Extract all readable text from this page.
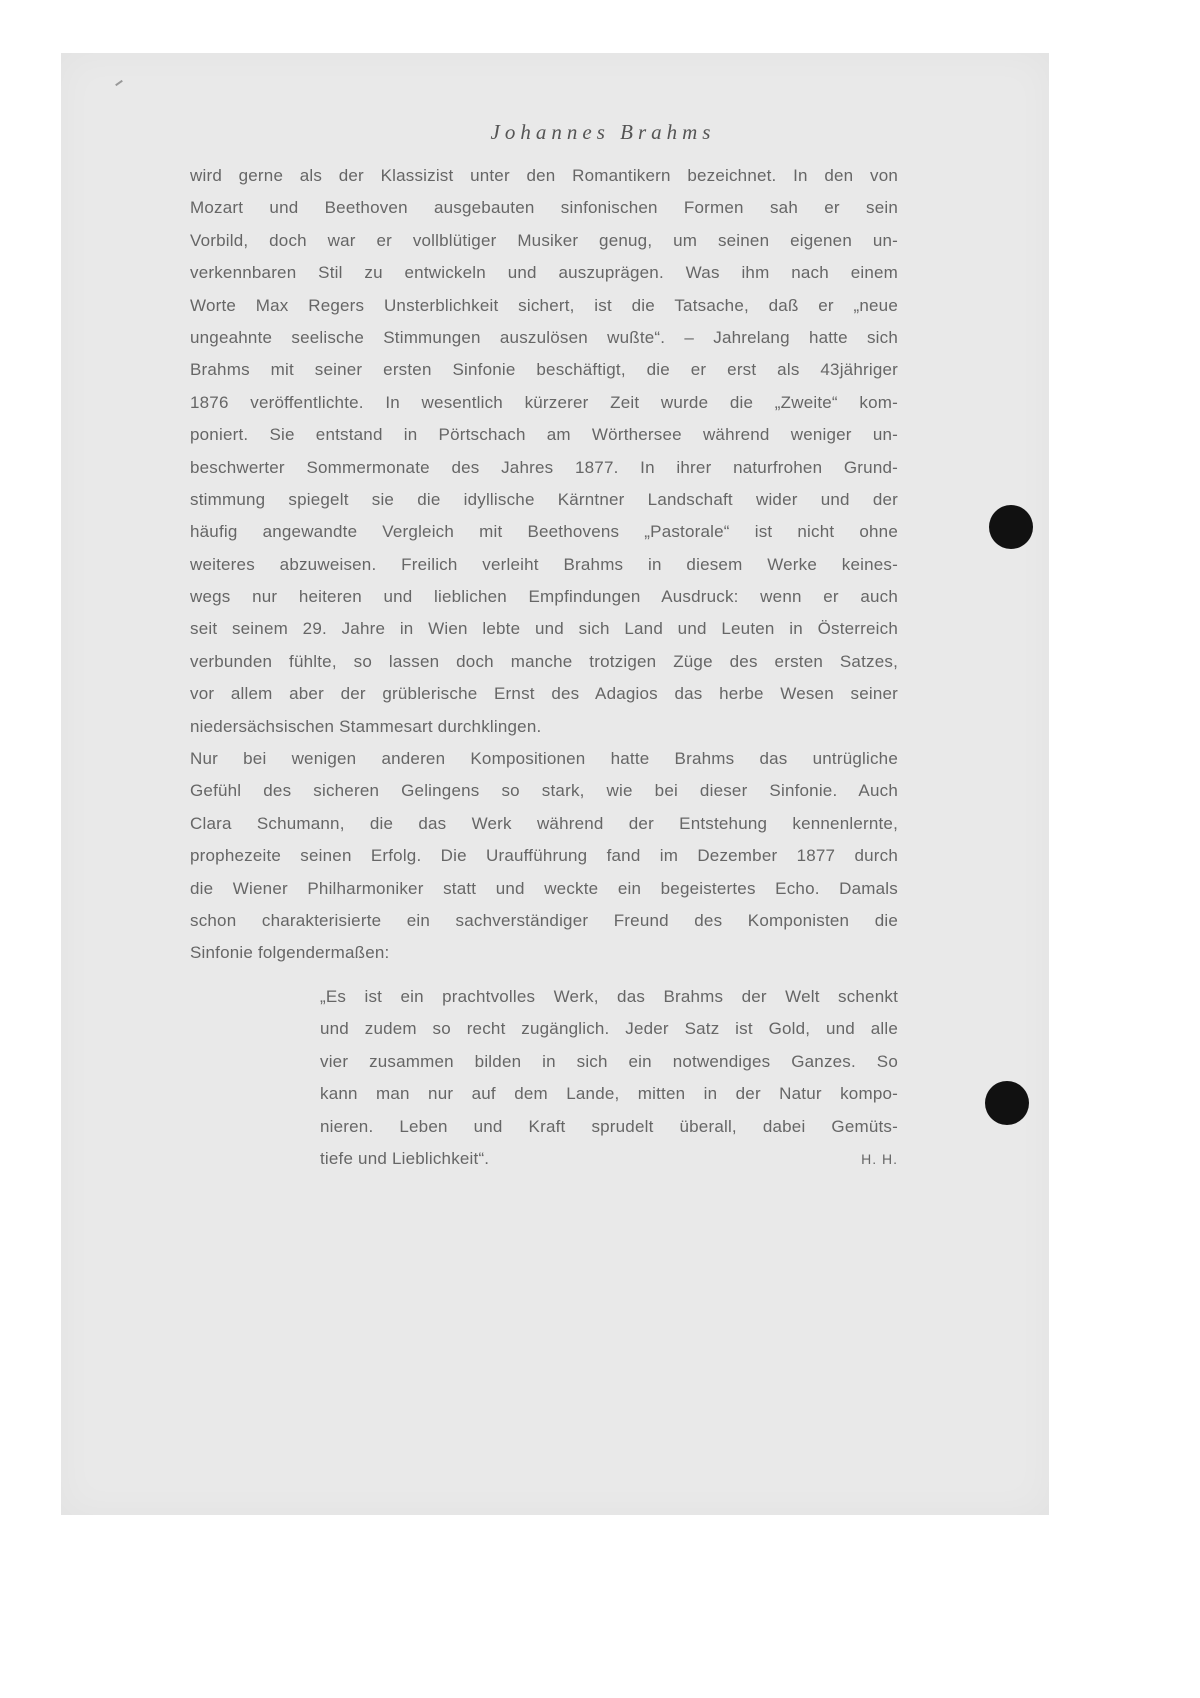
Johannes Brahms
wird gerne als der Klassizist unter den Romantikern bezeichnet. In den von
Mozart und Beethoven ausgebauten sinfonischen Formen sah er sein
Vorbild, doch war er vollblütiger Musiker genug, um seinen eigenen un-
verkennbaren Stil zu entwickeln und auszuprägen. Was ihm nach einem
Worte Max Regers Unsterblichkeit sichert, ist die Tatsache, daß er „neue
ungeahnte seelische Stimmungen auszulösen wußte“. – Jahrelang hatte sich
Brahms mit seiner ersten Sinfonie beschäftigt, die er erst als 43jähriger
1876 veröffentlichte. In wesentlich kürzerer Zeit wurde die „Zweite“ kom-
poniert. Sie entstand in Pörtschach am Wörthersee während weniger un-
beschwerter Sommermonate des Jahres 1877. In ihrer naturfrohen Grund-
stimmung spiegelt sie die idyllische Kärntner Landschaft wider und der
häufig angewandte Vergleich mit Beethovens „Pastorale“ ist nicht ohne
weiteres abzuweisen. Freilich verleiht Brahms in diesem Werke keines-
wegs nur heiteren und lieblichen Empfindungen Ausdruck: wenn er auch
seit seinem 29. Jahre in Wien lebte und sich Land und Leuten in Österreich
verbunden fühlte, so lassen doch manche trotzigen Züge des ersten Satzes,
vor allem aber der grüblerische Ernst des Adagios das herbe Wesen seiner
niedersächsischen Stammesart durchklingen.
Nur bei wenigen anderen Kompositionen hatte Brahms das untrügliche
Gefühl des sicheren Gelingens so stark, wie bei dieser Sinfonie. Auch
Clara Schumann, die das Werk während der Entstehung kennenlernte,
prophezeite seinen Erfolg. Die Uraufführung fand im Dezember 1877 durch
die Wiener Philharmoniker statt und weckte ein begeistertes Echo. Damals
schon charakterisierte ein sachverständiger Freund des Komponisten die
Sinfonie folgendermaßen:
„Es ist ein prachtvolles Werk, das Brahms der Welt schenkt
und zudem so recht zugänglich. Jeder Satz ist Gold, und alle
vier zusammen bilden in sich ein notwendiges Ganzes. So
kann man nur auf dem Lande, mitten in der Natur kompo-
nieren. Leben und Kraft sprudelt überall, dabei Gemüts-
tiefe und Lieblichkeit“.	H. H.
